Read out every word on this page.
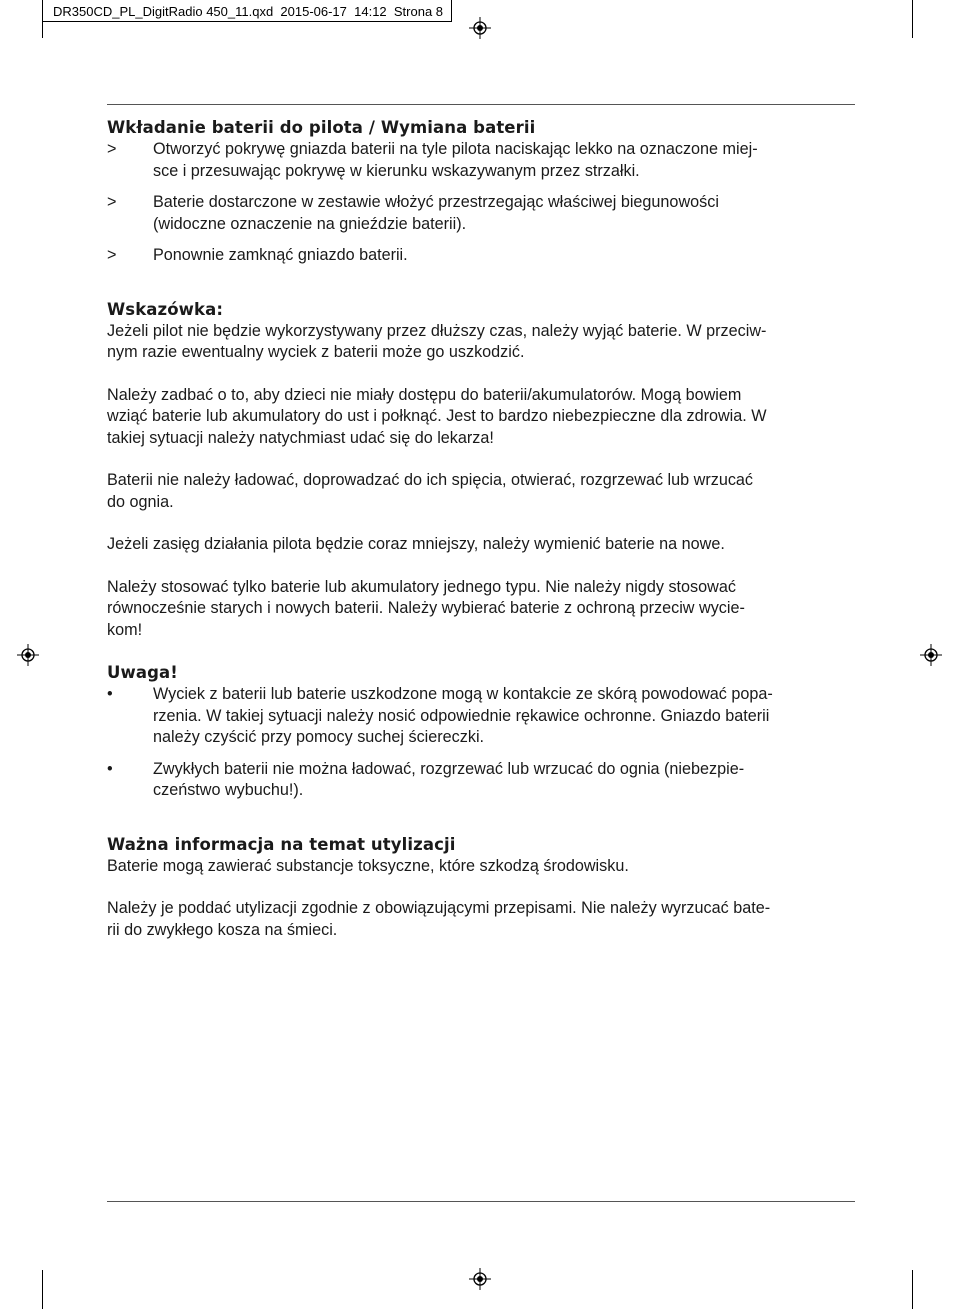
DR350CD_PL_DigitRadio 450_11.qxd  2015-06-17  14:12  Strona 8
Wkładanie baterii do pilota / Wymiana baterii
>	Otworzyć pokrywę gniazda baterii na tyle pilota naciskając lekko na oznaczone miej-
sce i przesuwając pokrywę w kierunku wskazywanym przez strzałki.
>	Baterie dostarczone w zestawie włożyć przestrzegając właściwej biegunowości
(widoczne oznaczenie na gnieździe baterii).
>	Ponownie zamknąć gniazdo baterii.
Wskazówka:

Jeżeli pilot nie będzie wykorzystywany przez dłuższy czas, należy wyjąć baterie. W przeciw-
nym razie ewentualny wyciek z baterii może go uszkodzić.

Należy zadbać o to, aby dzieci nie miały dostępu do baterii/akumulatorów. Mogą bowiem
wziąć baterie lub akumulatory do ust i połknąć. Jest to bardzo niebezpieczne dla zdrowia. W
takiej sytuacji należy natychmiast udać się do lekarza!

Baterii nie należy ładować, doprowadzać do ich spięcia, otwierać, rozgrzewać lub wrzucać
do ognia.

Jeżeli zasięg działania pilota będzie coraz mniejszy, należy wymienić baterie na nowe.

Należy stosować tylko baterie lub akumulatory jednego typu. Nie należy nigdy stosować
równocześnie starych i nowych baterii. Należy wybierać baterie z ochroną przeciw wycie-
kom!

Uwaga!
•	Wyciek z baterii lub baterie uszkodzone mogą w kontakcie ze skórą powodować popa-
rzenia. W takiej sytuacji należy nosić odpowiednie rękawice ochronne. Gniazdo baterii
należy czyścić przy pomocy suchej ściereczki.
•	Zwykłych baterii nie można ładować, rozgrzewać lub wrzucać do ognia (niebezpie-
czeństwo wybuchu!).
Ważna informacja na temat utylizacji

Baterie mogą zawierać substancje toksyczne, które szkodzą środowisku.

Należy je poddać utylizacji zgodnie z obowiązującymi przepisami. Nie należy wyrzucać bate-
rii do zwykłego kosza na śmieci.
